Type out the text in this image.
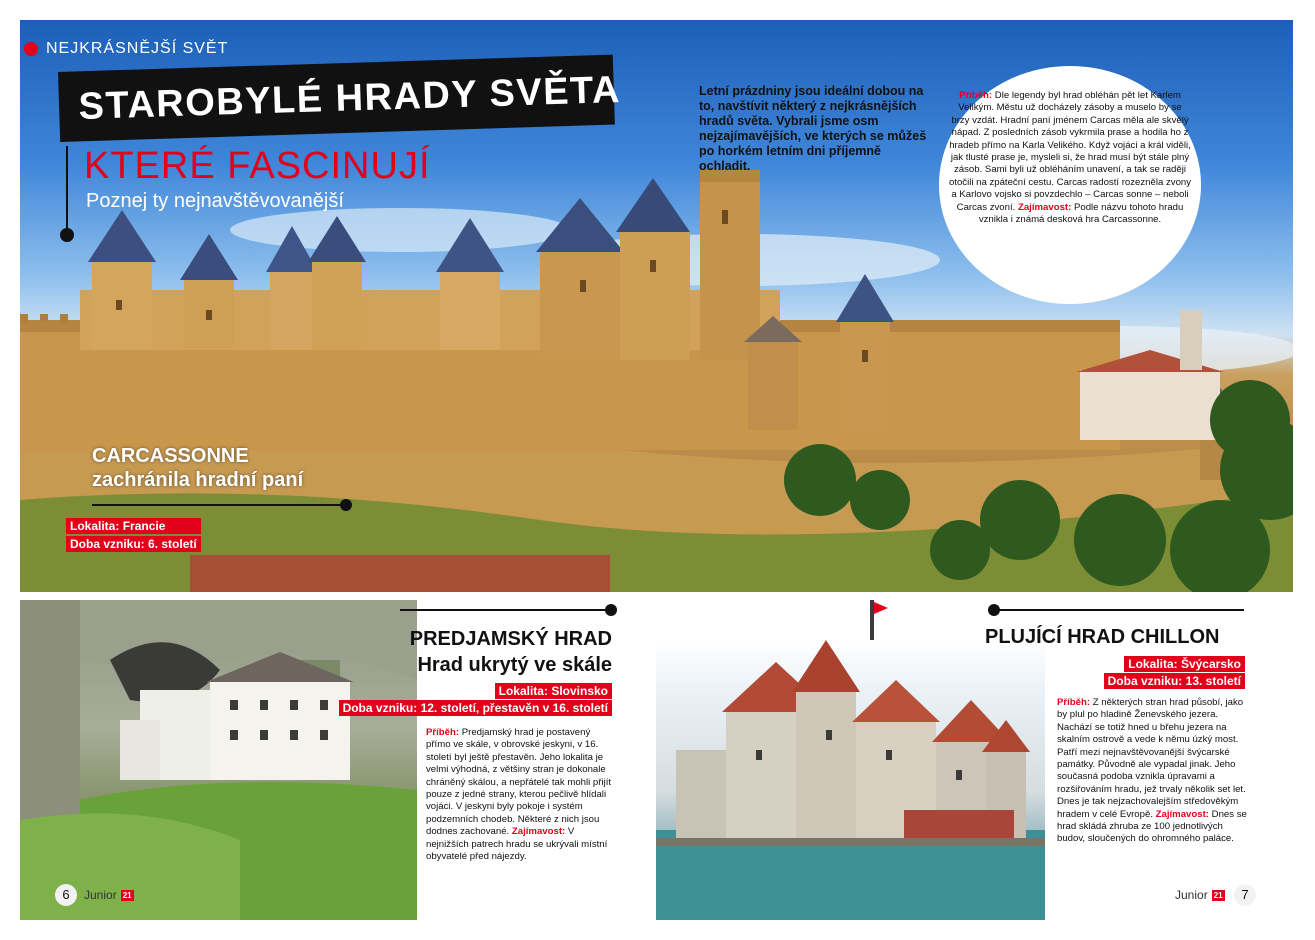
NEJKRÁSNĚJŠÍ SVĚT
STAROBYLÉ HRADY SVĚTA
KTERÉ FASCINUJÍ
Poznej ty nejnavštěvovanější
Letní prázdniny jsou ideální dobou na to, navštívit některý z nejkrásnějších hradů světa. Vybrali jsme osm nejzajímavějších, ve kterých se můžeš po horkém letním dni příjemně ochladit.
Příběh: Dle legendy byl hrad obléhán pět let Karlem Velikým. Městu už docházely zásoby a muselo by se brzy vzdát. Hradní paní jménem Carcas měla ale skvělý nápad. Z posledních zásob vykrmila prase a hodila ho z hradeb přímo na Karla Velikého. Když vojáci a král viděli, jak tlusté prase je, mysleli si, že hrad musí být stále plný zásob. Sami byli už obléháním unavení, a tak se raději otočili na zpáteční cestu. Carcas radostí rozezněla zvony a Karlovo vojsko si povzdechlo – Carcas sonne – neboli Carcas zvoní. Zajímavost: Podle názvu tohoto hradu vznikla i známá desková hra Carcassonne.
CARCASSONNE
zachránila hradní paní
Lokalita: Francie
Doba vzniku: 6. století
PREDJAMSKÝ HRAD
Hrad ukrytý ve skále
Lokalita: Slovinsko
Doba vzniku: 12. století, přestavěn v 16. století
Příběh: Predjamský hrad je postavený přímo ve skále, v obrovské jeskyni, v 16. století byl ještě přestavěn. Jeho lokalita je velmi výhodná, z většiny stran je dokonale chráněný skálou, a nepřátelé tak mohli přijít pouze z jedné strany, kterou pečlivě hlídali vojáci. V jeskyni byly pokoje i systém podzemních chodeb. Některé z nich jsou dodnes zachované. Zajímavost: V nejnižších patrech hradu se ukrývali místní obyvatelé před nájezdy.
PLUJÍCÍ HRAD CHILLON
Lokalita: Švýcarsko
Doba vzniku: 13. století
Příběh: Z některých stran hrad působí, jako by plul po hladině Ženevského jezera. Nachází se totiž hned u břehu jezera na skalním ostrově a vede k němu úzký most. Patří mezi nejnavštěvovanější švýcarské památky. Původně ale vypadal jinak. Jeho současná podoba vznikla úpravami a rozšiřováním hradu, jež trvaly několik set let. Dnes je tak nejzachovalejším středověkým hradem v celé Evropě. Zajímavost: Dnes se hrad skládá zhruba ze 100 jednotlivých budov, sloučených do ohromného paláce.
6	Junior 21	Junior 21	7
